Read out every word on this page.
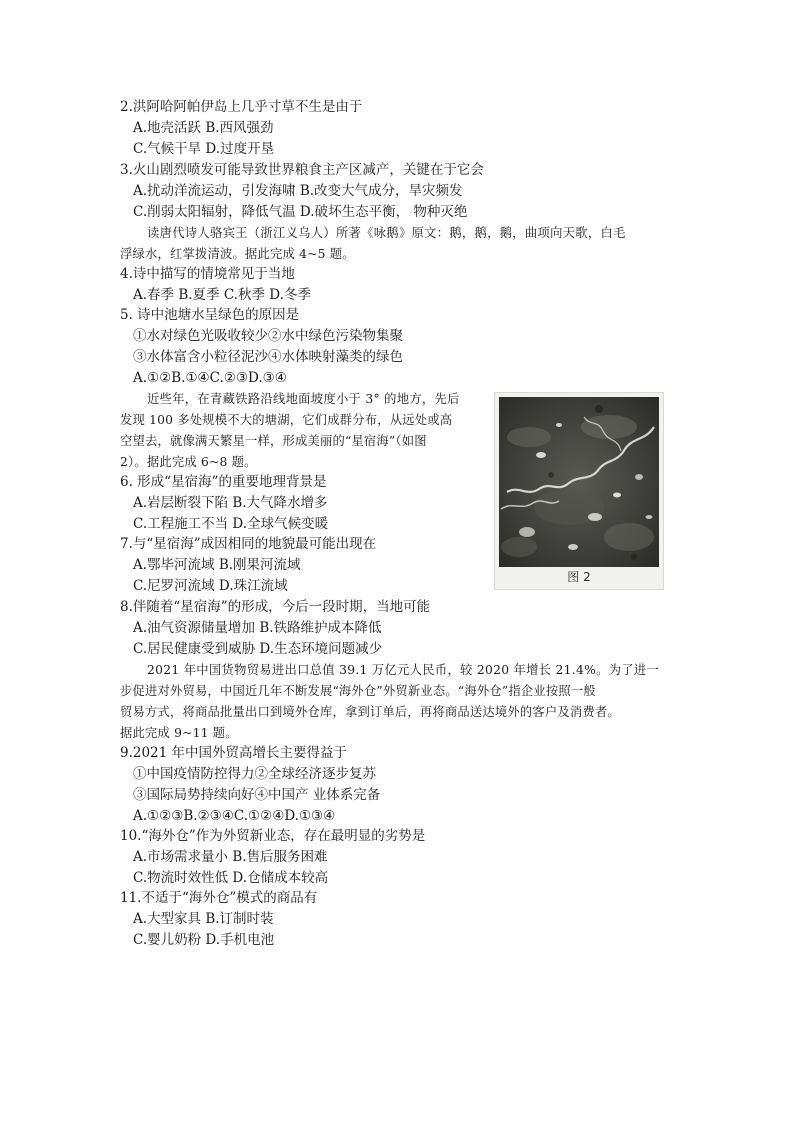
2.洪阿哈阿帕伊岛上几乎寸草不生是由于
A.地壳活跃 B.西风强劲
C.气候干旱 D.过度开垦
3.火山剧烈喷发可能导致世界粮食主产区减产，关键在于它会
A.扰动洋流运动，引发海啸 B.改变大气成分，旱灾频发
C.削弱太阳辐射，降低气温 D.破坏生态平衡， 物种灭绝
读唐代诗人骆宾王（浙江义乌人）所著《咏鹅》原文：鹅，鹅，鹅，曲项向天歌，白毛
浮绿水，红掌拨清波。据此完成 4~5 题。
4.诗中描写的情境常见于当地
A.春季 B.夏季 C.秋季 D.冬季
5. 诗中池塘水呈绿色的原因是
①水对绿色光吸收较少②水中绿色污染物集聚
③水体富含小粒径泥沙④水体映射藻类的绿色
A.①②B.①④C.②③D.③④
近些年，在青藏铁路沿线地面坡度小于 3° 的地方，先后
发现 100 多处规模不大的塘湖，它们成群分布，从远处或高
空望去，就像满天繁星一样，形成美丽的“星宿海”（如图
2）。据此完成 6~8 题。
6. 形成“星宿海”的重要地理背景是
A.岩层断裂下陷 B.大气降水增多
C.工程施工不当 D.全球气候变暖
7.与“星宿海”成因相同的地貌最可能出现在
A.鄂毕河流域 B.刚果河流域
C.尼罗河流域 D.珠江流域
8.伴随着“星宿海”的形成，今后一段时期，当地可能
A.油气资源储量增加 B.铁路维护成本降低
C.居民健康受到威胁 D.生态环境问题减少
2021 年中国货物贸易进出口总值 39.1 万亿元人民币，较 2020 年增长 21.4%。为了进一
步促进对外贸易，中国近几年不断发展“海外仓”外贸新业态。“海外仓”指企业按照一般
贸易方式，将商品批量出口到境外仓库，拿到订单后，再将商品送达境外的客户及消费者。
据此完成 9~11 题。
9.2021 年中国外贸高增长主要得益于
①中国疫情防控得力②全球经济逐步复苏
③国际局势持续向好④中国产 业体系完备
A.①②③B.②③④C.①②④D.①③④
10.“海外仓”作为外贸新业态，存在最明显的劣势是
A.市场需求量小 B.售后服务困难
C.物流时效性低 D.仓储成本较高
11.不适于“海外仓”模式的商品有
A.大型家具 B.订制时装
C.婴儿奶粉 D.手机电池
图 2
